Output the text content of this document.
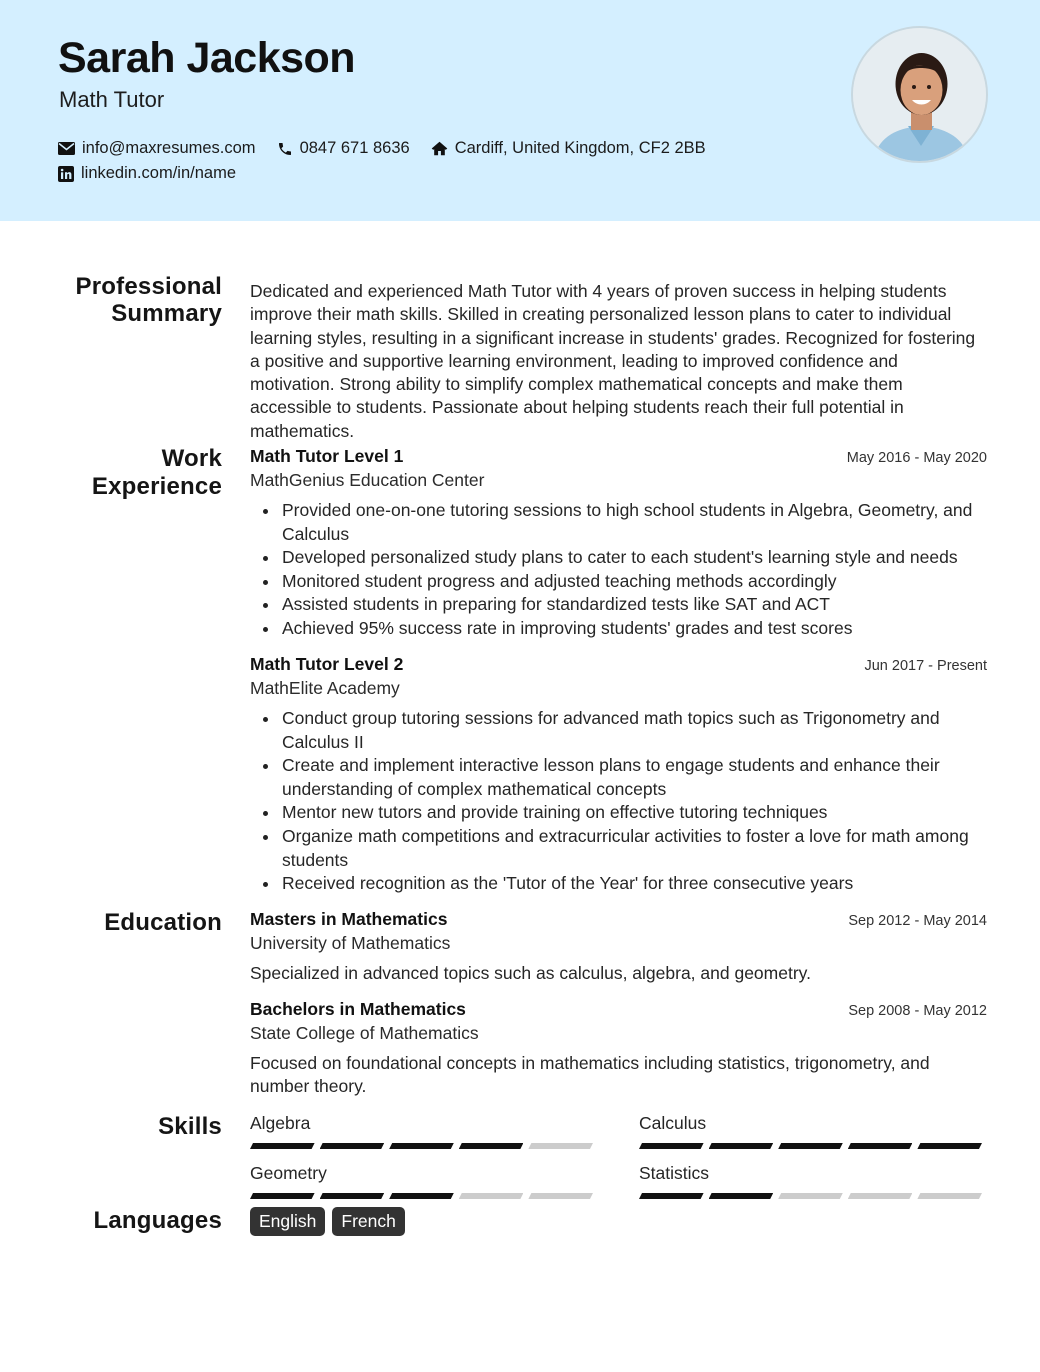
Sarah Jackson
Math Tutor
info@maxresumes.com	0847 671 8636	Cardiff, United Kingdom, CF2 2BB
linkedin.com/in/name
Professional
Summary
Dedicated and experienced Math Tutor with 4 years of proven success in helping students improve their math skills. Skilled in creating personalized lesson plans to cater to individual learning styles, resulting in a significant increase in students' grades. Recognized for fostering a positive and supportive learning environment, leading to improved confidence and motivation. Strong ability to simplify complex mathematical concepts and make them accessible to students. Passionate about helping students reach their full potential in mathematics.
Work
Experience
Math Tutor Level 1	May 2016 - May 2020
MathGenius Education Center
Provided one-on-one tutoring sessions to high school students in Algebra, Geometry, and Calculus
Developed personalized study plans to cater to each student's learning style and needs
Monitored student progress and adjusted teaching methods accordingly
Assisted students in preparing for standardized tests like SAT and ACT
Achieved 95% success rate in improving students' grades and test scores
Math Tutor Level 2	Jun 2017 - Present
MathElite Academy
Conduct group tutoring sessions for advanced math topics such as Trigonometry and Calculus II
Create and implement interactive lesson plans to engage students and enhance their understanding of complex mathematical concepts
Mentor new tutors and provide training on effective tutoring techniques
Organize math competitions and extracurricular activities to foster a love for math among students
Received recognition as the 'Tutor of the Year' for three consecutive years
Education Masters in Mathematics	Sep 2012 - May 2014
University of Mathematics
Specialized in advanced topics such as calculus, algebra, and geometry.
Bachelors in Mathematics	Sep 2008 - May 2012
State College of Mathematics
Focused on foundational concepts in mathematics including statistics, trigonometry, and number theory.
Skills Algebra	Calculus
Geometry	Statistics
Languages	English	French
